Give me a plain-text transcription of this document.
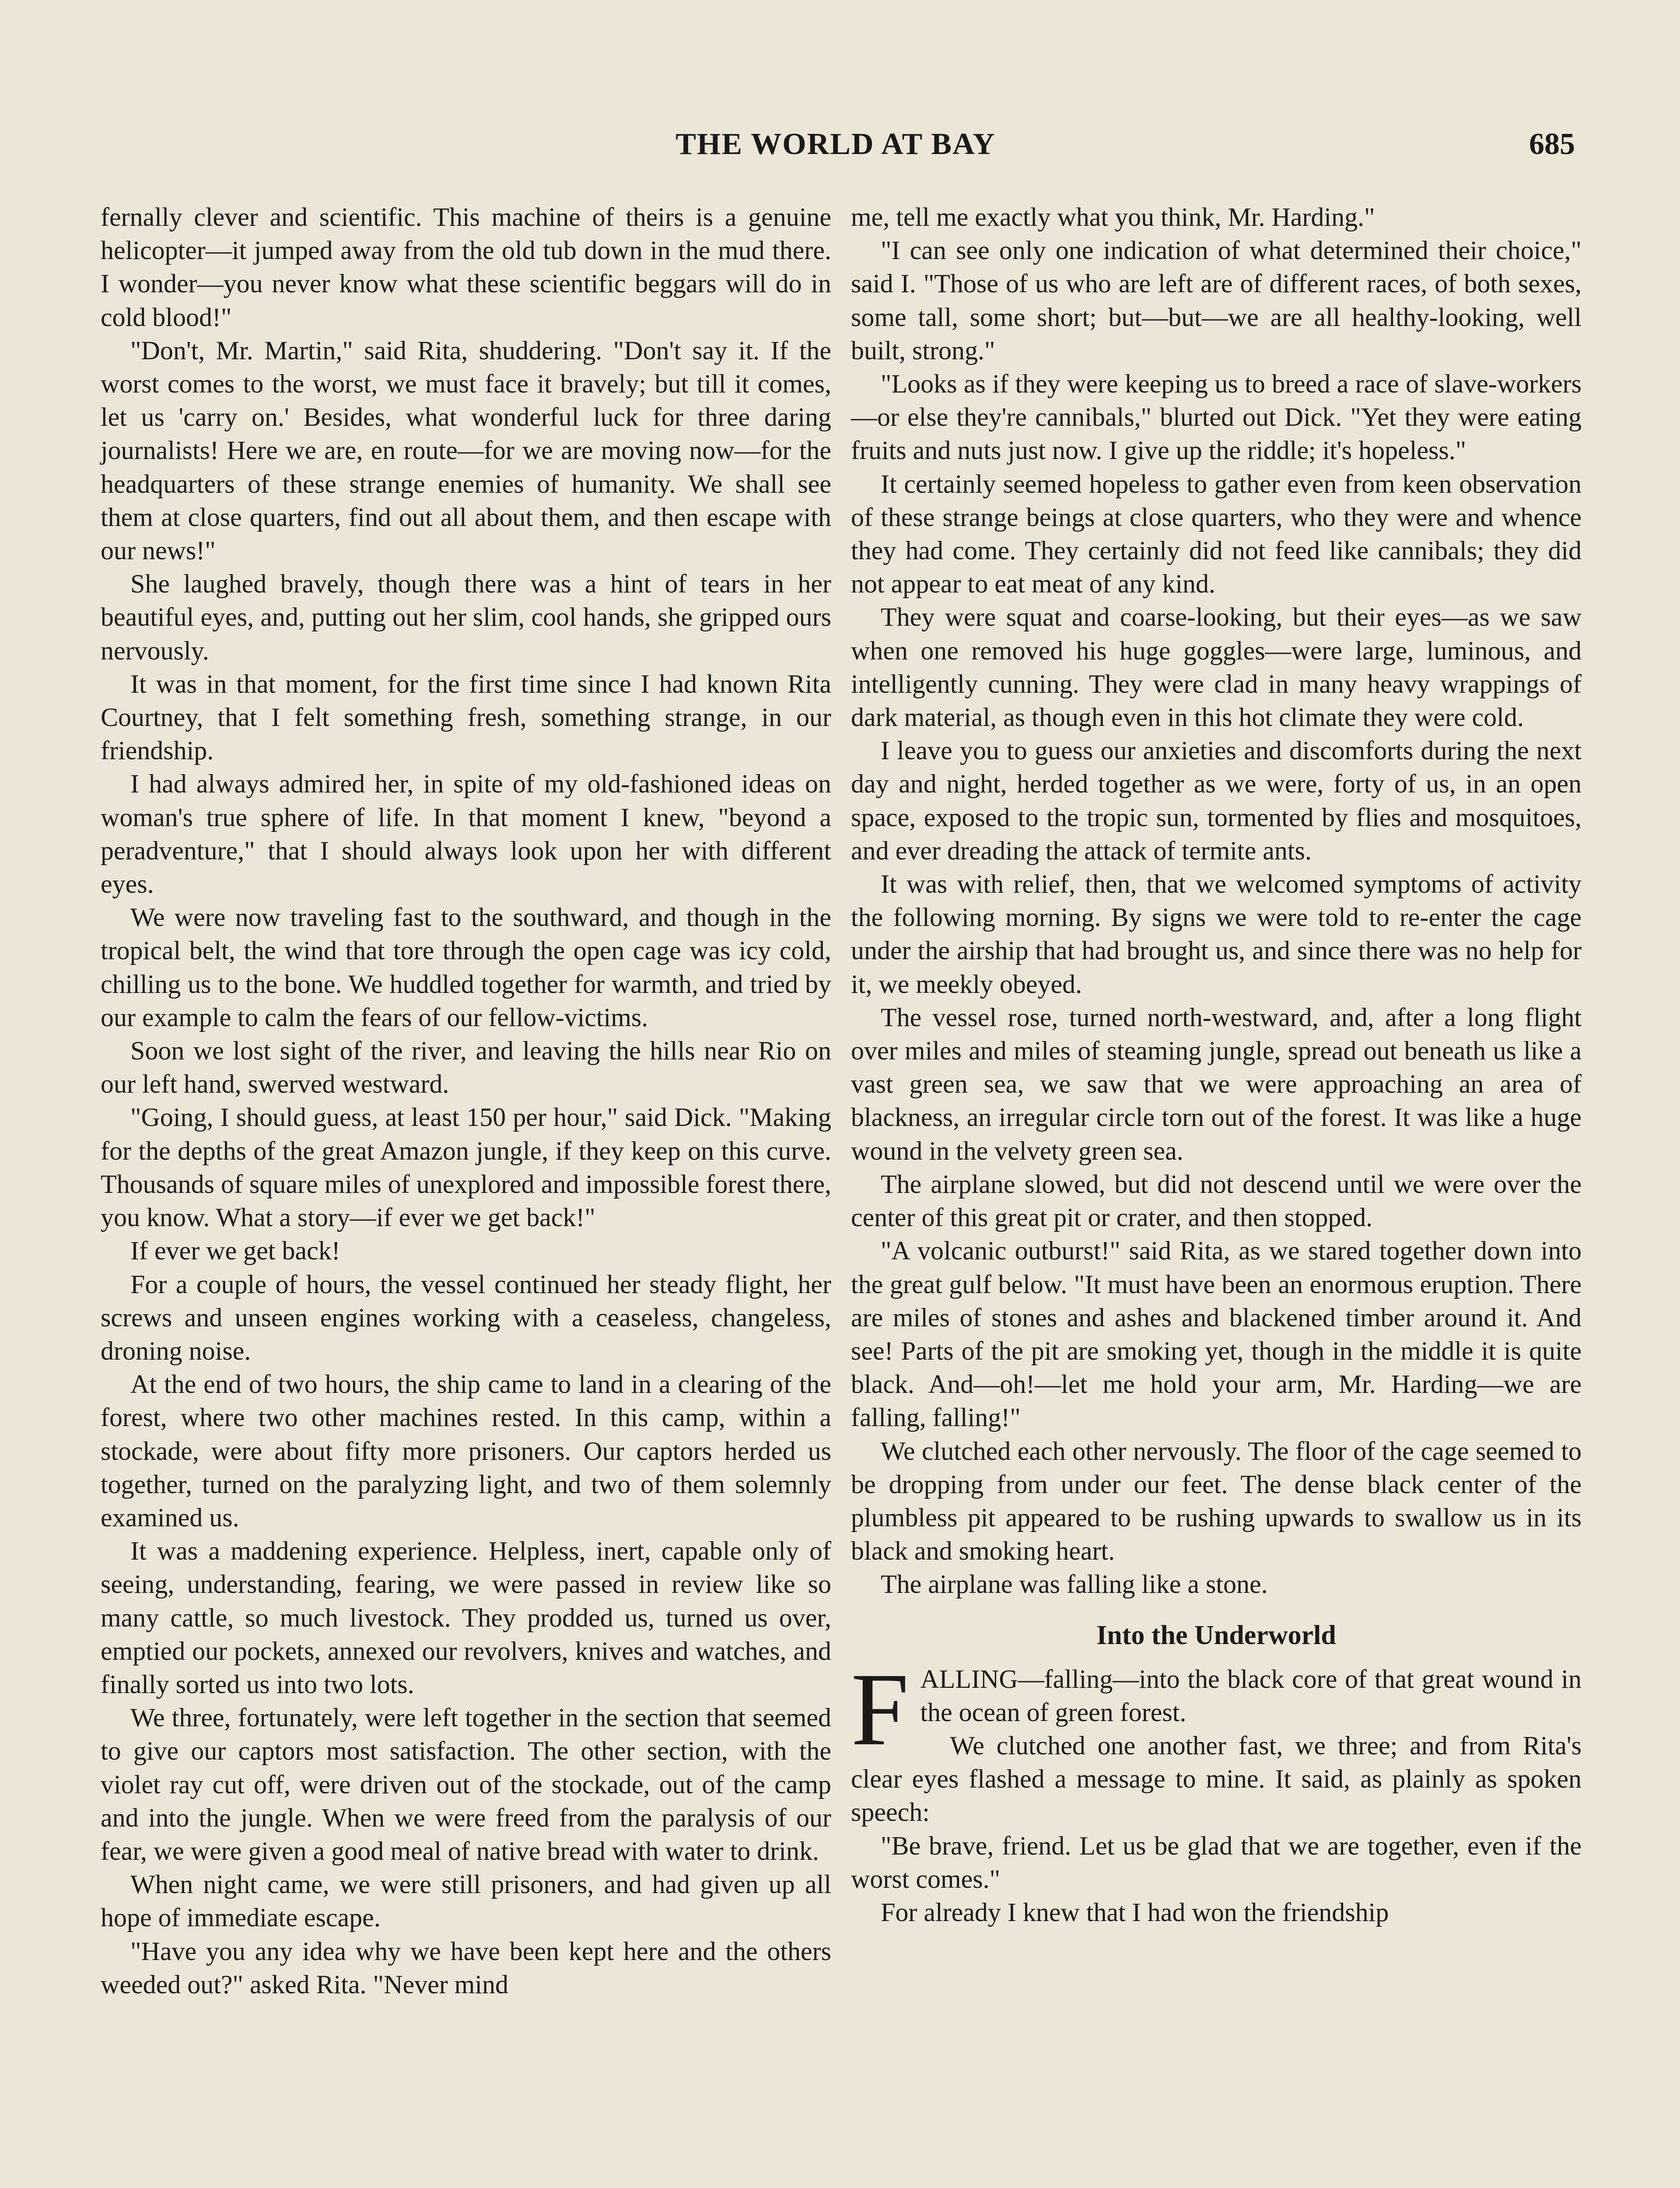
THE WORLD AT BAY	685

fernally clever and scientific. This machine of theirs is a genuine helicopter—it jumped away from the old tub down in the mud there. I wonder—you never know what these scientific beggars will do in cold blood!"

"Don't, Mr. Martin," said Rita, shuddering. "Don't say it. If the worst comes to the worst, we must face it bravely; but till it comes, let us 'carry on.' Besides, what wonderful luck for three daring journalists! Here we are, en route—for we are moving now—for the headquarters of these strange enemies of humanity. We shall see them at close quarters, find out all about them, and then escape with our news!"

She laughed bravely, though there was a hint of tears in her beautiful eyes, and, putting out her slim, cool hands, she gripped ours nervously.

It was in that moment, for the first time since I had known Rita Courtney, that I felt something fresh, something strange, in our friendship.

I had always admired her, in spite of my old-fashioned ideas on woman's true sphere of life. In that moment I knew, "beyond a peradventure," that I should always look upon her with different eyes.

We were now traveling fast to the southward, and though in the tropical belt, the wind that tore through the open cage was icy cold, chilling us to the bone. We huddled together for warmth, and tried by our example to calm the fears of our fellow-victims.

Soon we lost sight of the river, and leaving the hills near Rio on our left hand, swerved westward.

"Going, I should guess, at least 150 per hour," said Dick. "Making for the depths of the great Amazon jungle, if they keep on this curve. Thousands of square miles of unexplored and impossible forest there, you know. What a story—if ever we get back!"

If ever we get back!

For a couple of hours, the vessel continued her steady flight, her screws and unseen engines working with a ceaseless, changeless, droning noise.

At the end of two hours, the ship came to land in a clearing of the forest, where two other machines rested. In this camp, within a stockade, were about fifty more prisoners. Our captors herded us together, turned on the paralyzing light, and two of them solemnly examined us.

It was a maddening experience. Helpless, inert, capable only of seeing, understanding, fearing, we were passed in review like so many cattle, so much livestock. They prodded us, turned us over, emptied our pockets, annexed our revolvers, knives and watches, and finally sorted us into two lots.

We three, fortunately, were left together in the section that seemed to give our captors most satisfaction. The other section, with the violet ray cut off, were driven out of the stockade, out of the camp and into the jungle. When we were freed from the paralysis of our fear, we were given a good meal of native bread with water to drink.

When night came, we were still prisoners, and had given up all hope of immediate escape.

"Have you any idea why we have been kept here and the others weeded out?" asked Rita. "Never mind

me, tell me exactly what you think, Mr. Harding."

"I can see only one indication of what determined their choice," said I. "Those of us who are left are of different races, of both sexes, some tall, some short; but—but—we are all healthy-looking, well built, strong."

"Looks as if they were keeping us to breed a race of slave-workers—or else they're cannibals," blurted out Dick. "Yet they were eating fruits and nuts just now. I give up the riddle; it's hopeless."

It certainly seemed hopeless to gather even from keen observation of these strange beings at close quarters, who they were and whence they had come. They certainly did not feed like cannibals; they did not appear to eat meat of any kind.

They were squat and coarse-looking, but their eyes—as we saw when one removed his huge goggles—were large, luminous, and intelligently cunning. They were clad in many heavy wrappings of dark material, as though even in this hot climate they were cold.

I leave you to guess our anxieties and discomforts during the next day and night, herded together as we were, forty of us, in an open space, exposed to the tropic sun, tormented by flies and mosquitoes, and ever dreading the attack of termite ants.

It was with relief, then, that we welcomed symptoms of activity the following morning. By signs we were told to re-enter the cage under the airship that had brought us, and since there was no help for it, we meekly obeyed.

The vessel rose, turned north-westward, and, after a long flight over miles and miles of steaming jungle, spread out beneath us like a vast green sea, we saw that we were approaching an area of blackness, an irregular circle torn out of the forest. It was like a huge wound in the velvety green sea.

The airplane slowed, but did not descend until we were over the center of this great pit or crater, and then stopped.

"A volcanic outburst!" said Rita, as we stared together down into the great gulf below. "It must have been an enormous eruption. There are miles of stones and ashes and blackened timber around it. And see! Parts of the pit are smoking yet, though in the middle it is quite black. And—oh!—let me hold your arm, Mr. Harding—we are falling, falling!"

We clutched each other nervously. The floor of the cage seemed to be dropping from under our feet. The dense black center of the plumbless pit appeared to be rushing upwards to swallow us in its black and smoking heart.

The airplane was falling like a stone.

Into the Underworld

FALLING—falling—into the black core of that great wound in the ocean of green forest.

We clutched one another fast, we three; and from Rita's clear eyes flashed a message to mine. It said, as plainly as spoken speech:

"Be brave, friend. Let us be glad that we are together, even if the worst comes."

For already I knew that I had won the friendship
